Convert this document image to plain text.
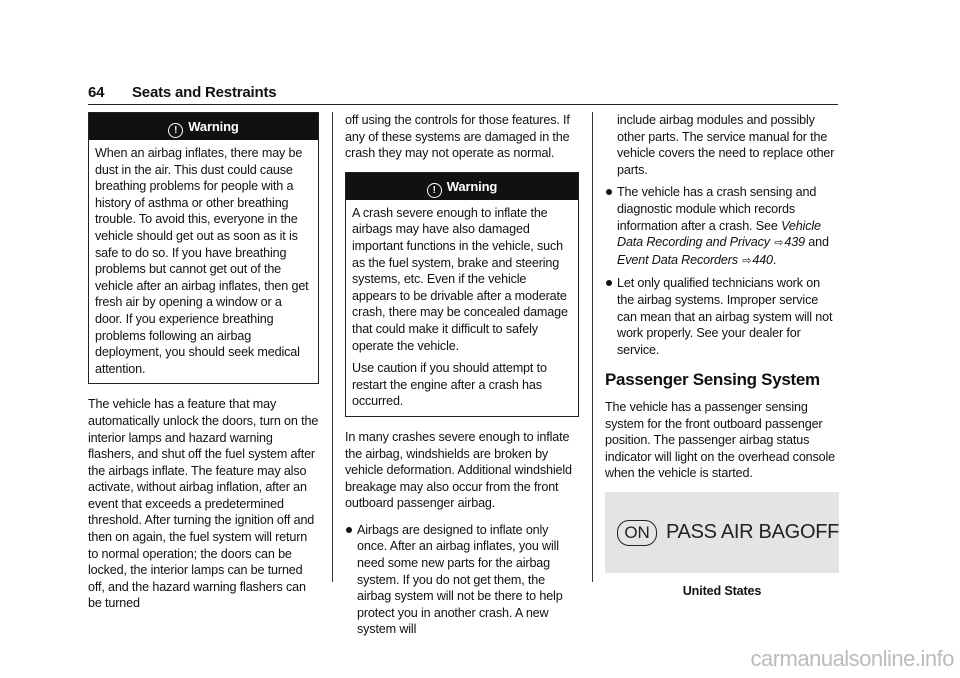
64 Seats and Restraints
! Warning

When an airbag inflates, there may be dust in the air. This dust could cause breathing problems for people with a history of asthma or other breathing trouble. To avoid this, everyone in the vehicle should get out as soon as it is safe to do so. If you have breathing problems but cannot get out of the vehicle after an airbag inflates, then get fresh air by opening a window or a door. If you experience breathing problems following an airbag deployment, you should seek medical attention.

The vehicle has a feature that may automatically unlock the doors, turn on the interior lamps and hazard warning flashers, and shut off the fuel system after the airbags inflate. The feature may also activate, without airbag inflation, after an event that exceeds a predetermined threshold. After turning the ignition off and then on again, the fuel system will return to normal operation; the doors can be locked, the interior lamps can be turned off, and the hazard warning flashers can be turned

off using the controls for those features. If any of these systems are damaged in the crash they may not operate as normal.

! Warning

A crash severe enough to inflate the airbags may have also damaged important functions in the vehicle, such as the fuel system, brake and steering systems, etc. Even if the vehicle appears to be drivable after a moderate crash, there may be concealed damage that could make it difficult to safely operate the vehicle.

Use caution if you should attempt to restart the engine after a crash has occurred.

In many crashes severe enough to inflate the airbag, windshields are broken by vehicle deformation. Additional windshield breakage may also occur from the front outboard passenger airbag.

Airbags are designed to inflate only once. After an airbag inflates, you will need some new parts for the airbag system. If you do not get them, the airbag system will not be there to help protect you in another crash. A new system will
include airbag modules and possibly other parts. The service manual for the vehicle covers the need to replace other parts.
The vehicle has a crash sensing and diagnostic module which records information after a crash. See Vehicle Data Recording and Privacy ⇨439 and Event Data Recorders ⇨440.
Let only qualified technicians work on the airbag systems. Improper service can mean that an airbag system will not work properly. See your dealer for service.
Passenger Sensing System

The vehicle has a passenger sensing system for the front outboard passenger position. The passenger airbag status indicator will light on the overhead console when the vehicle is started.

ON PASS AIR BAG OFF
United States
carmanualsonline.info
